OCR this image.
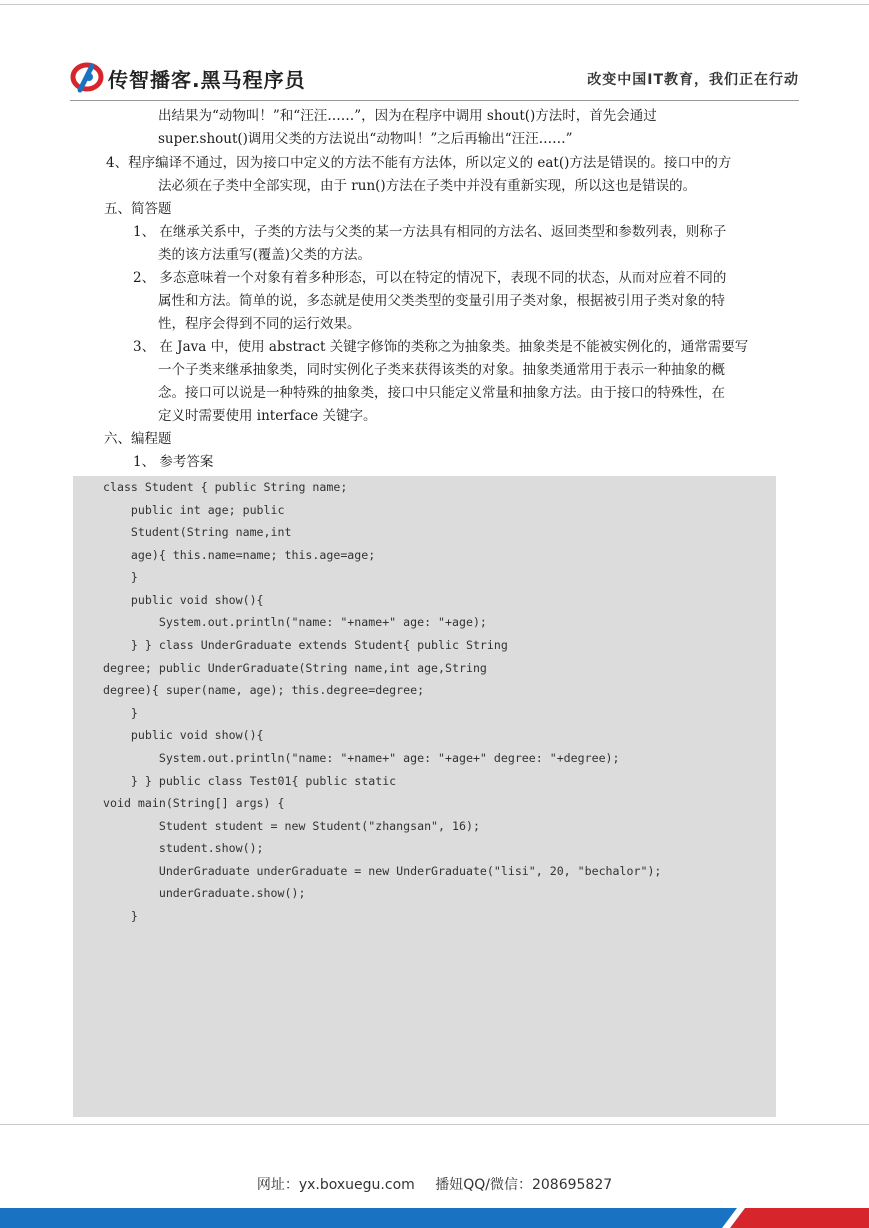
传智播客.黑马程序员	改变中国IT教育，我们正在行动
出结果为“动物叫！”和“汪汪……”，因为在程序中调用 shout()方法时，首先会通过
super.shout()调用父类的方法说出“动物叫！”之后再输出“汪汪……”
4、程序编译不通过，因为接口中定义的方法不能有方法体，所以定义的 eat()方法是错误的。接口中的方
法必须在子类中全部实现，由于 run()方法在子类中并没有重新实现，所以这也是错误的。
五、简答题
1、 在继承关系中，子类的方法与父类的某一方法具有相同的方法名、返回类型和参数列表，则称子
类的该方法重写(覆盖)父类的方法。
2、 多态意味着一个对象有着多种形态，可以在特定的情况下，表现不同的状态，从而对应着不同的
属性和方法。简单的说，多态就是使用父类类型的变量引用子类对象，根据被引用子类对象的特
性，程序会得到不同的运行效果。
3、 在 Java 中，使用 abstract 关键字修饰的类称之为抽象类。抽象类是不能被实例化的，通常需要写
一个子类来继承抽象类，同时实例化子类来获得该类的对象。抽象类通常用于表示一种抽象的概
念。接口可以说是一种特殊的抽象类，接口中只能定义常量和抽象方法。由于接口的特殊性，在
定义时需要使用 interface 关键字。
六、编程题
1、 参考答案
class Student { public String name;
public int age; public
Student(String name,int
age){ this.name=name; this.age=age;
}
public void show(){
System.out.println("name: "+name+" age: "+age);
} } class UnderGraduate extends Student{ public String
degree; public UnderGraduate(String name,int age,String
degree){ super(name, age); this.degree=degree;
}
public void show(){
System.out.println("name: "+name+" age: "+age+" degree: "+degree);
} } public class Test01{ public static
void main(String[] args) {
Student student = new Student("zhangsan", 16);
student.show();
UnderGraduate underGraduate = new UnderGraduate("lisi", 20, "bechalor");
underGraduate.show();
}
网址：yx.boxuegu.com 播妞QQ/微信：208695827
